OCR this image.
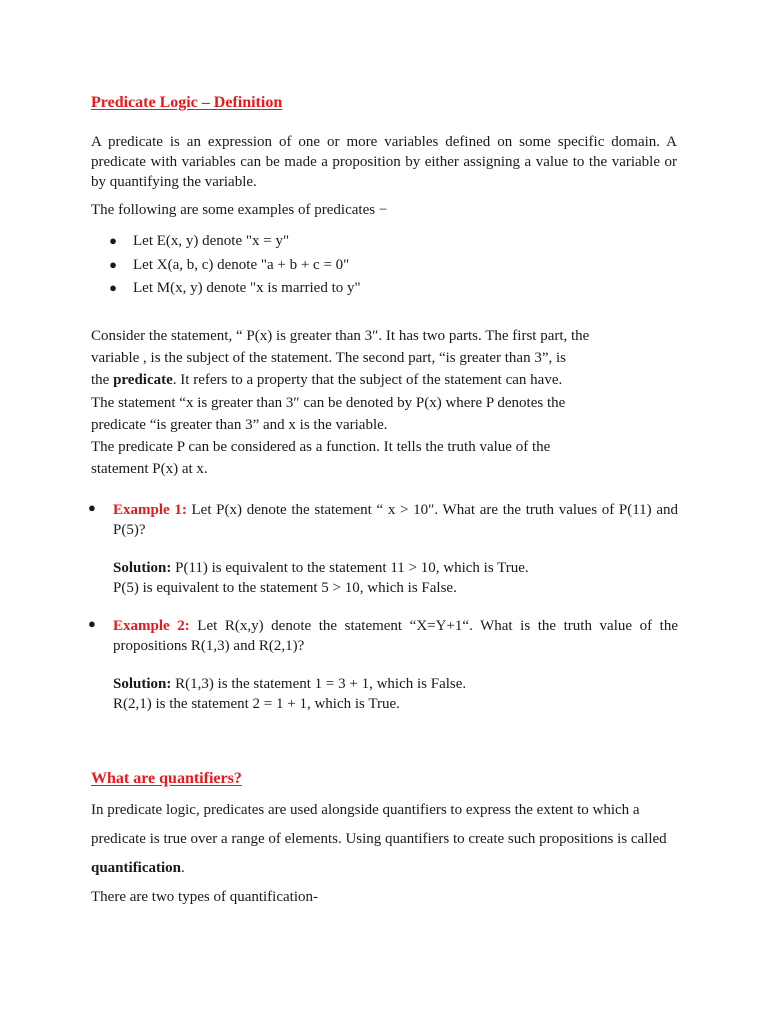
Predicate Logic – Definition

A predicate is an expression of one or more variables defined on some specific domain. A predicate with variables can be made a proposition by either assigning a value to the variable or by quantifying the variable.

The following are some examples of predicates −

● Let E(x, y) denote "x = y"
● Let X(a, b, c) denote "a + b + c = 0"
● Let M(x, y) denote "x is married to y"

Consider the statement, “ P(x) is greater than 3″. It has two parts. The first part, the

variable , is the subject of the statement. The second part, “is greater than 3”, is

the predicate. It refers to a property that the subject of the statement can have.

The statement “x is greater than 3″ can be denoted by P(x) where P denotes the

predicate “is greater than 3” and x is the variable.

The predicate P can be considered as a function. It tells the truth value of the

statement P(x) at x.

● Example 1: Let P(x) denote the statement “ x > 10″. What are the truth values of P(11) and P(5)?
Solution: P(11) is equivalent to the statement 11 > 10, which is True.
P(5) is equivalent to the statement 5 > 10, which is False.
● Example 2: Let R(x,y) denote the statement “X=Y+1“. What is the truth value of the propositions R(1,3) and R(2,1)?
Solution: R(1,3) is the statement 1 = 3 + 1, which is False.
R(2,1) is the statement 2 = 1 + 1, which is True.
What are quantifiers?

In predicate logic, predicates are used alongside quantifiers to express the extent to which a predicate is true over a range of elements. Using quantifiers to create such propositions is called quantification.

There are two types of quantification-
